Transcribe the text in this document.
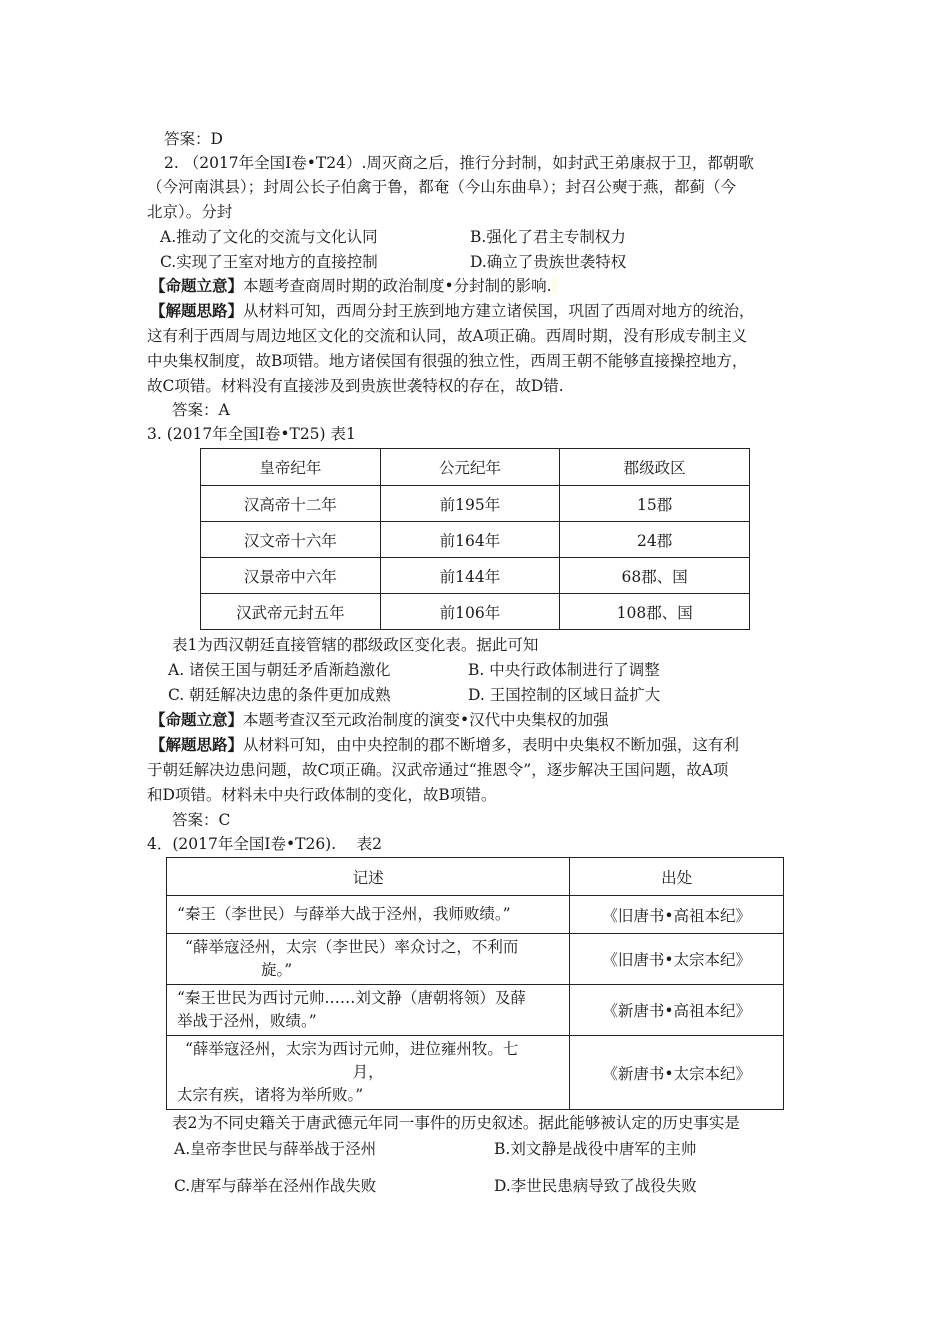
答案：D
2. （2017年全国Ⅰ卷•T24）.周灭商之后，推行分封制，如封武王弟康叔于卫，都朝歌
（今河南淇县）；封周公长子伯禽于鲁，都奄（今山东曲阜）；封召公奭于燕，都蓟（今
北京）。分封
A.推动了文化的交流与文化认同	B.强化了君主专制权力
C.实现了王室对地方的直接控制	D.确立了贵族世袭特权
【命题立意】本题考查商周时期的政治制度•分封制的影响.
【解题思路】从材料可知，西周分封王族到地方建立诸侯国，巩固了西周对地方的统治，
这有利于西周与周边地区文化的交流和认同，故A项正确。西周时期，没有形成专制主义
中央集权制度，故B项错。地方诸侯国有很强的独立性，西周王朝不能够直接操控地方，
故C项错。材料没有直接涉及到贵族世袭特权的存在，故D错.
答案：A
3. (2017年全国Ⅰ卷•T25) 表1
皇帝纪年	公元纪年	郡级政区
汉高帝十二年	前195年	15郡
汉文帝十六年	前164年	24郡
汉景帝中六年	前144年	68郡、国
汉武帝元封五年	前106年	108郡、国
表1为西汉朝廷直接管辖的郡级政区变化表。据此可知
A. 诸侯王国与朝廷矛盾渐趋激化	B. 中央行政体制进行了调整
C. 朝廷解决边患的条件更加成熟	D. 王国控制的区域日益扩大
【命题立意】本题考查汉至元政治制度的演变•汉代中央集权的加强
【解题思路】从材料可知，由中央控制的郡不断增多，表明中央集权不断加强，这有利
于朝廷解决边患问题，故C项正确。汉武帝通过“推恩令”，逐步解决王国问题，故A项
和D项错。材料未中央行政体制的变化，故B项错。
答案：C
4．(2017年全国Ⅰ卷•T26).　 表2
记述	出处
“秦王（李世民）与薛举大战于泾州，我师败绩。”	《旧唐书•高祖本纪》

“薛举寇泾州，太宗（李世民）率众讨之，不利而
旋。”	《旧唐书•太宗本纪》

“秦王世民为西讨元帅……刘文静（唐朝将领）及薛
举战于泾州，败绩。”	《新唐书•高祖本纪》

“薛举寇泾州，太宗为西讨元帅，进位雍州牧。七
月，
太宗有疾，诸将为举所败。”	《新唐书•太宗本纪》
表2为不同史籍关于唐武德元年同一事件的历史叙述。据此能够被认定的历史事实是
A.皇帝李世民与薛举战于泾州	B.刘文静是战役中唐军的主帅
C.唐军与薛举在泾州作战失败	D.李世民患病导致了战役失败
